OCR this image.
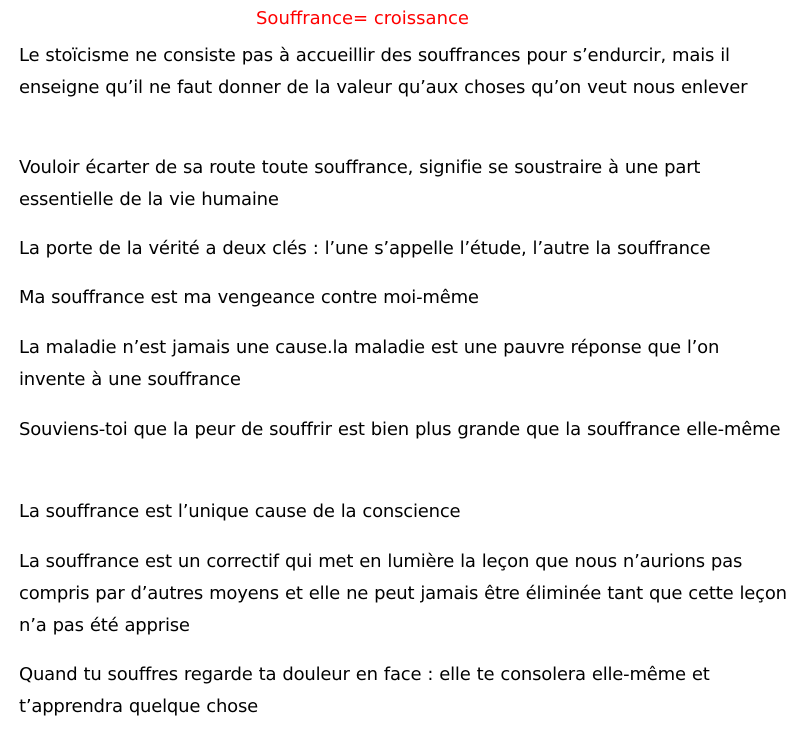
Souffrance= croissance
Le stoïcisme ne consiste pas à accueillir des souffrances pour s’endurcir, mais il enseigne qu’il ne faut donner de la valeur qu’aux choses qu’on veut nous enlever
Vouloir écarter de sa route toute souffrance, signifie se soustraire à une part essentielle de la vie humaine
La porte de la vérité a deux clés : l’une s’appelle l’étude, l’autre la souffrance
Ma souffrance est ma vengeance contre moi-même
La maladie n’est jamais une cause.la maladie est une pauvre réponse que l’on invente à une souffrance
Souviens-toi que la peur de souffrir est bien plus grande que la souffrance elle-même
La souffrance est l’unique cause de la conscience
La souffrance est un correctif qui met en lumière la leçon que nous n’aurions pas compris par d’autres moyens et elle ne peut jamais être éliminée tant que cette leçon n’a pas été apprise
Quand tu souffres regarde ta douleur en face : elle te consolera elle-même et t’apprendra quelque chose
